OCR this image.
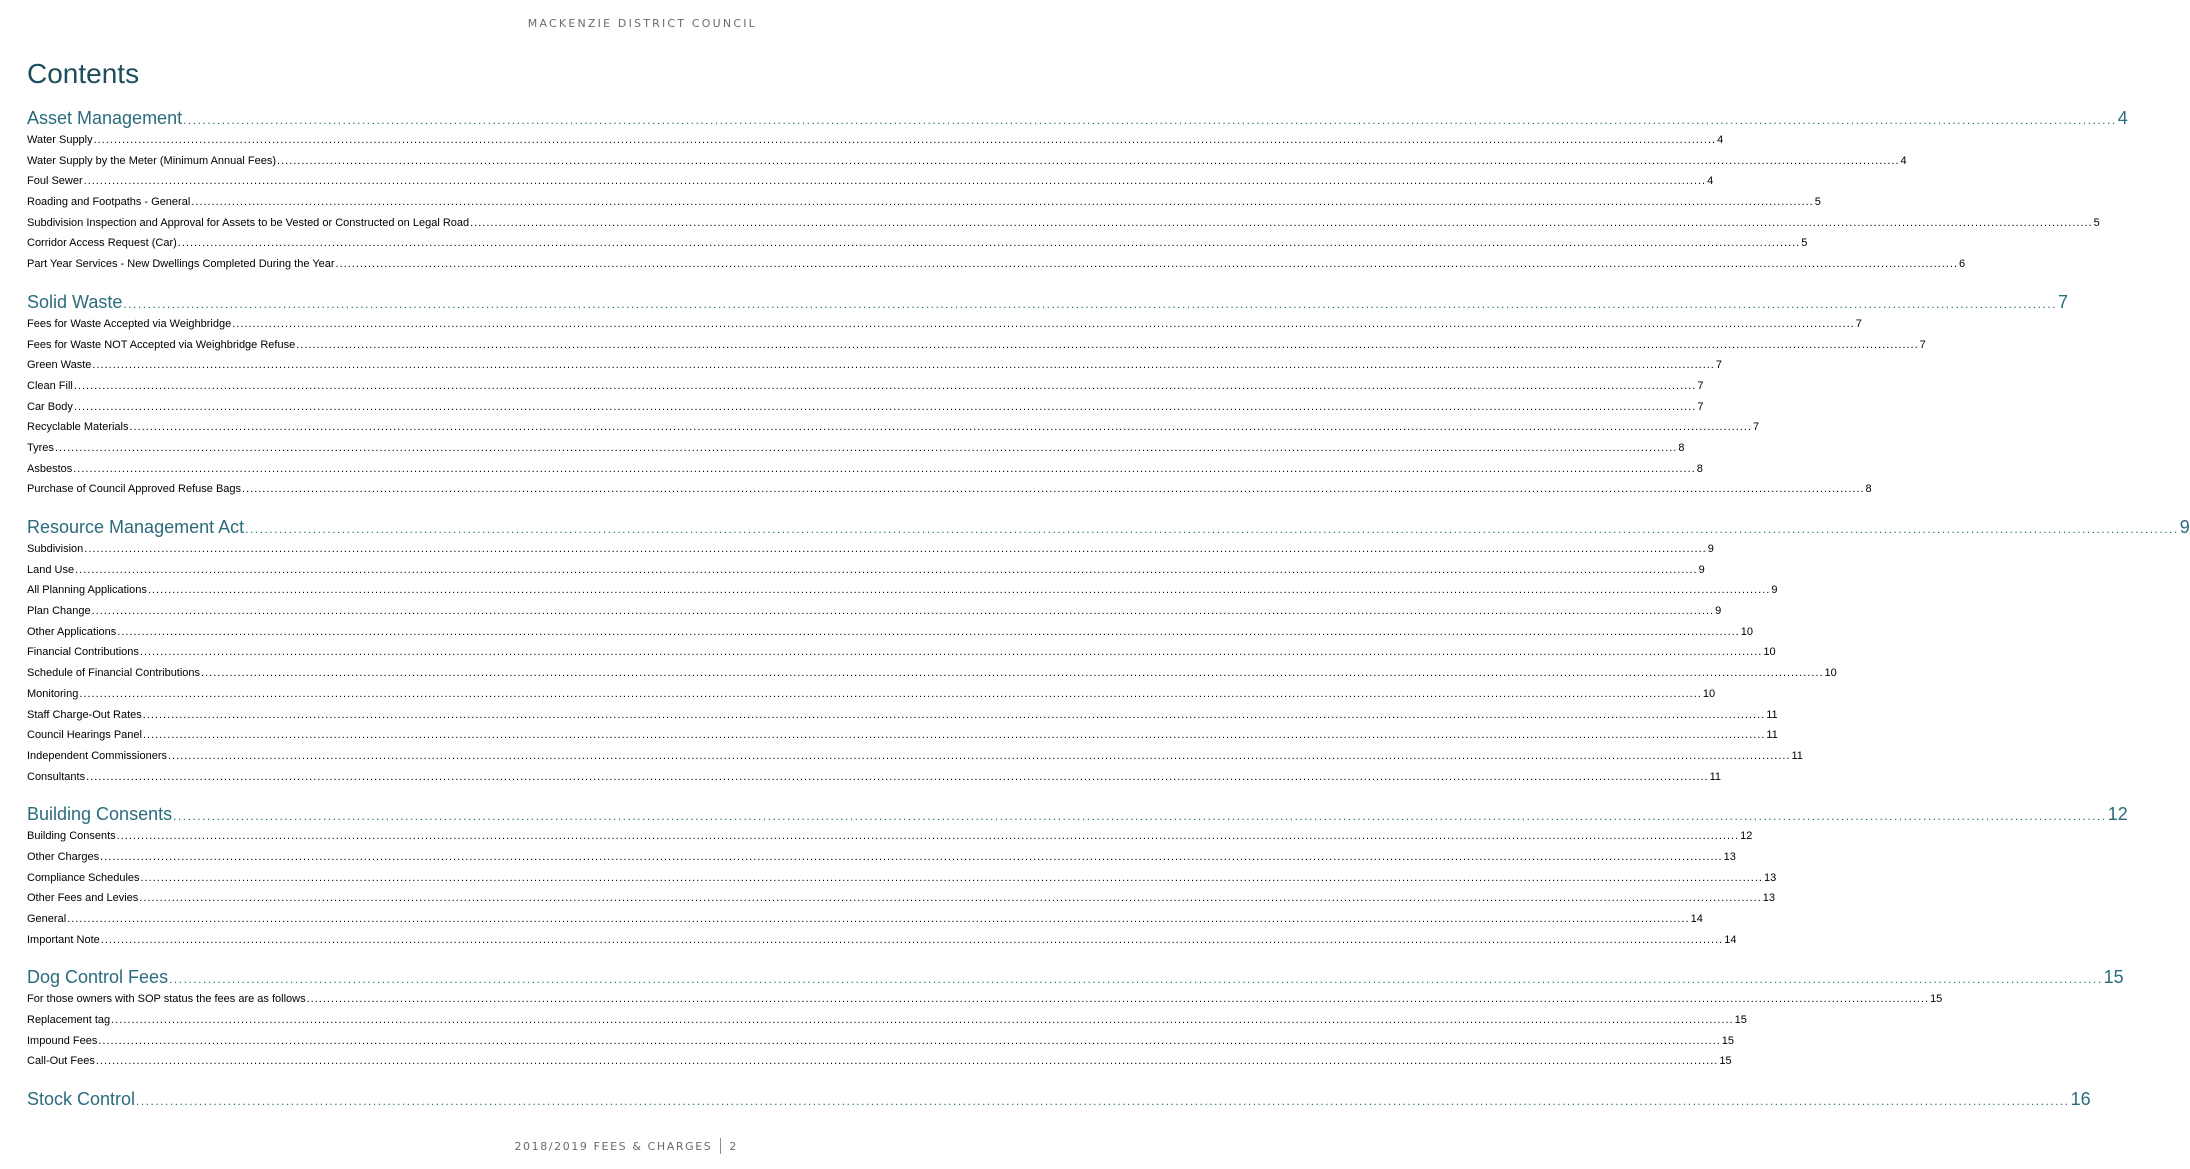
MACKENZIE DISTRICT COUNCIL
Contents
Asset Management ................................................................................................................................................................................................................................................................................................................................................................................................................ 4
Water Supply ................................................................................................................................................................................................................................................................................................................................................................................................................ 4
Water Supply by the Meter (Minimum Annual Fees) ................................................................................................................................................................................................................................................................................................................................................................................................................ 4
Foul Sewer ................................................................................................................................................................................................................................................................................................................................................................................................................ 4
Roading and Footpaths - General ................................................................................................................................................................................................................................................................................................................................................................................................................ 5
Subdivision Inspection and Approval for Assets to be Vested or Constructed on Legal Road ................................................................................................................................................................................................................................................................................................................................................................................................................ 5
Corridor Access Request (Car) ................................................................................................................................................................................................................................................................................................................................................................................................................ 5
Part Year Services - New Dwellings Completed During the Year ................................................................................................................................................................................................................................................................................................................................................................................................................ 6
Solid Waste ................................................................................................................................................................................................................................................................................................................................................................................................................ 7
Fees for Waste Accepted via Weighbridge ................................................................................................................................................................................................................................................................................................................................................................................................................ 7
Fees for Waste NOT Accepted via Weighbridge Refuse ................................................................................................................................................................................................................................................................................................................................................................................................................ 7
Green Waste ................................................................................................................................................................................................................................................................................................................................................................................................................ 7
Clean Fill ................................................................................................................................................................................................................................................................................................................................................................................................................ 7
Car Body ................................................................................................................................................................................................................................................................................................................................................................................................................ 7
Recyclable Materials ................................................................................................................................................................................................................................................................................................................................................................................................................ 7
Tyres ................................................................................................................................................................................................................................................................................................................................................................................................................ 8
Asbestos ................................................................................................................................................................................................................................................................................................................................................................................................................ 8
Purchase of Council Approved Refuse Bags ................................................................................................................................................................................................................................................................................................................................................................................................................ 8
Resource Management Act ................................................................................................................................................................................................................................................................................................................................................................................................................ 9
Subdivision ................................................................................................................................................................................................................................................................................................................................................................................................................ 9
Land Use ................................................................................................................................................................................................................................................................................................................................................................................................................ 9
All Planning Applications ................................................................................................................................................................................................................................................................................................................................................................................................................ 9
Plan Change ................................................................................................................................................................................................................................................................................................................................................................................................................ 9
Other Applications ................................................................................................................................................................................................................................................................................................................................................................................................................ 10
Financial Contributions ................................................................................................................................................................................................................................................................................................................................................................................................................ 10
Schedule of Financial Contributions ................................................................................................................................................................................................................................................................................................................................................................................................................ 10
Monitoring ................................................................................................................................................................................................................................................................................................................................................................................................................ 10
Staff Charge-Out Rates ................................................................................................................................................................................................................................................................................................................................................................................................................ 11
Council Hearings Panel ................................................................................................................................................................................................................................................................................................................................................................................................................ 11
Independent Commissioners ................................................................................................................................................................................................................................................................................................................................................................................................................ 11
Consultants ................................................................................................................................................................................................................................................................................................................................................................................................................ 11
Building Consents ................................................................................................................................................................................................................................................................................................................................................................................................................ 12
Building Consents ................................................................................................................................................................................................................................................................................................................................................................................................................ 12
Other Charges ................................................................................................................................................................................................................................................................................................................................................................................................................ 13
Compliance Schedules ................................................................................................................................................................................................................................................................................................................................................................................................................ 13
Other Fees and Levies ................................................................................................................................................................................................................................................................................................................................................................................................................ 13
General ................................................................................................................................................................................................................................................................................................................................................................................................................ 14
Important Note ................................................................................................................................................................................................................................................................................................................................................................................................................ 14
Dog Control Fees ................................................................................................................................................................................................................................................................................................................................................................................................................ 15
For those owners with SOP status the fees are as follows ................................................................................................................................................................................................................................................................................................................................................................................................................ 15
Replacement tag ................................................................................................................................................................................................................................................................................................................................................................................................................ 15
Impound Fees ................................................................................................................................................................................................................................................................................................................................................................................................................ 15
Call-Out Fees ................................................................................................................................................................................................................................................................................................................................................................................................................ 15
Stock Control ................................................................................................................................................................................................................................................................................................................................................................................................................ 16
2018/2019 FEES & CHARGES 2
